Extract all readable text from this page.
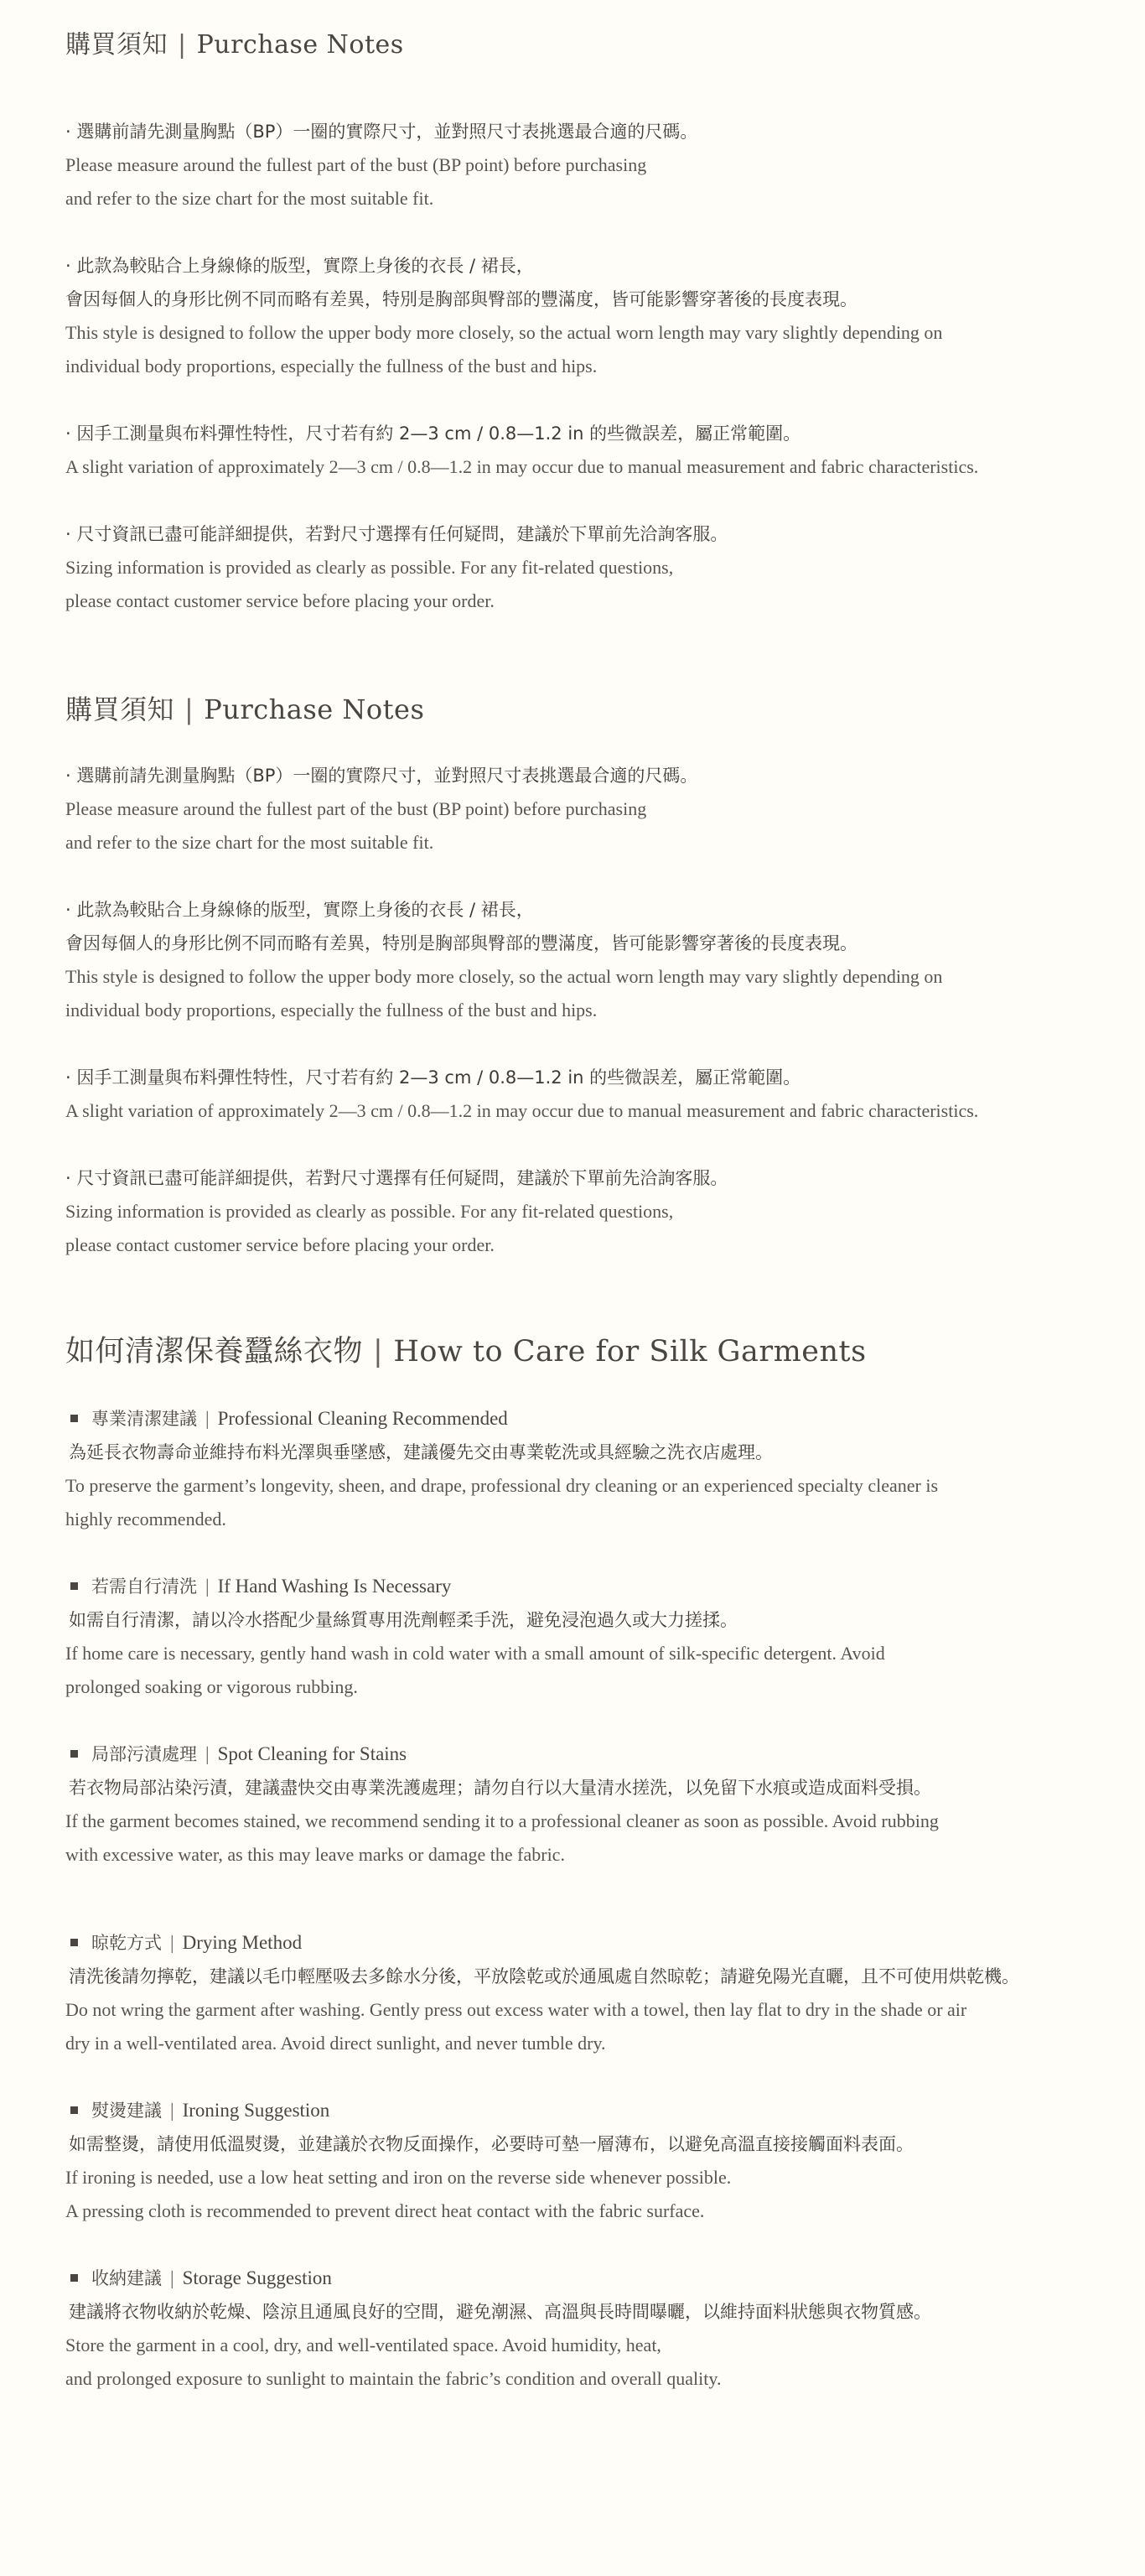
購買須知 | Purchase Notes
· 選購前請先測量胸點（BP）一圈的實際尺寸，並對照尺寸表挑選最合適的尺碼。
Please measure around the fullest part of the bust (BP point) before purchasing
and refer to the size chart for the most suitable fit.
· 此款為較貼合上身線條的版型，實際上身後的衣長 / 裙長，
會因每個人的身形比例不同而略有差異，特別是胸部與臀部的豐滿度，皆可能影響穿著後的長度表現。
This style is designed to follow the upper body more closely, so the actual worn length may vary slightly depending on
individual body proportions, especially the fullness of the bust and hips.
· 因手工測量與布料彈性特性，尺寸若有約 2—3 cm / 0.8—1.2 in 的些微誤差，屬正常範圍。
A slight variation of approximately 2—3 cm / 0.8—1.2 in may occur due to manual measurement and fabric characteristics.
· 尺寸資訊已盡可能詳細提供，若對尺寸選擇有任何疑問，建議於下單前先洽詢客服。
Sizing information is provided as clearly as possible. For any fit-related questions,
please contact customer service before placing your order.
購買須知 | Purchase Notes
· 選購前請先測量胸點（BP）一圈的實際尺寸，並對照尺寸表挑選最合適的尺碼。
Please measure around the fullest part of the bust (BP point) before purchasing
and refer to the size chart for the most suitable fit.
· 此款為較貼合上身線條的版型，實際上身後的衣長 / 裙長，
會因每個人的身形比例不同而略有差異，特別是胸部與臀部的豐滿度，皆可能影響穿著後的長度表現。
This style is designed to follow the upper body more closely, so the actual worn length may vary slightly depending on
individual body proportions, especially the fullness of the bust and hips.
· 因手工測量與布料彈性特性，尺寸若有約 2—3 cm / 0.8—1.2 in 的些微誤差，屬正常範圍。
A slight variation of approximately 2—3 cm / 0.8—1.2 in may occur due to manual measurement and fabric characteristics.
· 尺寸資訊已盡可能詳細提供，若對尺寸選擇有任何疑問，建議於下單前先洽詢客服。
Sizing information is provided as clearly as possible. For any fit-related questions,
please contact customer service before placing your order.
如何清潔保養蠶絲衣物 | How to Care for Silk Garments
專業清潔建議 | Professional Cleaning Recommended
為延長衣物壽命並維持布料光澤與垂墜感，建議優先交由專業乾洗或具經驗之洗衣店處理。
To preserve the garment’s longevity, sheen, and drape, professional dry cleaning or an experienced specialty cleaner is
highly recommended.
若需自行清洗 | If Hand Washing Is Necessary
如需自行清潔，請以冷水搭配少量絲質專用洗劑輕柔手洗，避免浸泡過久或大力搓揉。
If home care is necessary, gently hand wash in cold water with a small amount of silk-specific detergent. Avoid
prolonged soaking or vigorous rubbing.
局部污漬處理 | Spot Cleaning for Stains
若衣物局部沾染污漬，建議盡快交由專業洗護處理；請勿自行以大量清水搓洗，以免留下水痕或造成面料受損。
If the garment becomes stained, we recommend sending it to a professional cleaner as soon as possible. Avoid rubbing
with excessive water, as this may leave marks or damage the fabric.
晾乾方式 | Drying Method
清洗後請勿擰乾，建議以毛巾輕壓吸去多餘水分後，平放陰乾或於通風處自然晾乾；請避免陽光直曬，且不可使用烘乾機。
Do not wring the garment after washing. Gently press out excess water with a towel, then lay flat to dry in the shade or air
dry in a well-ventilated area. Avoid direct sunlight, and never tumble dry.
熨燙建議 | Ironing Suggestion
如需整燙，請使用低溫熨燙，並建議於衣物反面操作，必要時可墊一層薄布，以避免高溫直接接觸面料表面。
If ironing is needed, use a low heat setting and iron on the reverse side whenever possible.
A pressing cloth is recommended to prevent direct heat contact with the fabric surface.
收納建議 | Storage Suggestion
建議將衣物收納於乾燥、陰涼且通風良好的空間，避免潮濕、高溫與長時間曝曬，以維持面料狀態與衣物質感。
Store the garment in a cool, dry, and well-ventilated space. Avoid humidity, heat,
and prolonged exposure to sunlight to maintain the fabric’s condition and overall quality.
